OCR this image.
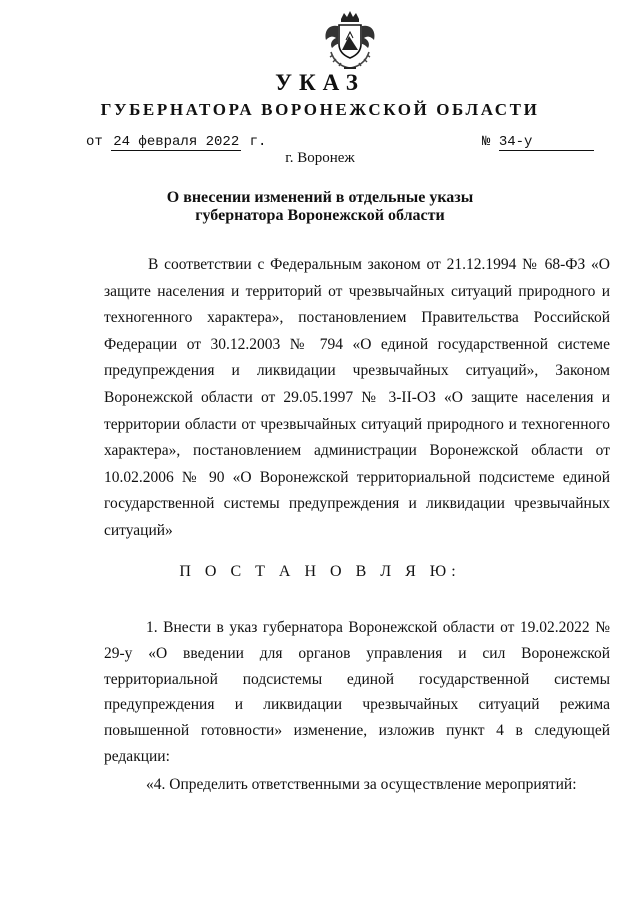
УКАЗ
ГУБЕРНАТОРА ВОРОНЕЖСКОЙ ОБЛАСТИ
от 24 февраля 2022 г.	№ 34-у
г. Воронеж
О внесении изменений в отдельные указы
губернатора Воронежской области

В соответствии с Федеральным законом от 21.12.1994 № 68-ФЗ «О защите населения и территорий от чрезвычайных ситуаций природного и техногенного характера», постановлением Правительства Российской Федерации от 30.12.2003 № 794 «О единой государственной системе предупреждения и ликвидации чрезвычайных ситуаций», Законом Воронежской области от 29.05.1997 № 3-II-ОЗ «О защите населения и территории области от чрезвычайных ситуаций природного и техногенного характера», постановлением администрации Воронежской области от 10.02.2006 № 90 «О Воронежской территориальной подсистеме единой государственной системы предупреждения и ликвидации чрезвычайных ситуаций»

П О С Т А Н О В Л Я Ю:

1. Внести в указ губернатора Воронежской области от 19.02.2022 № 29-у «О введении для органов управления и сил Воронежской территориальной подсистемы единой государственной системы предупреждения и ликвидации чрезвычайных ситуаций режима повышенной готовности» изменение, изложив пункт 4 в следующей редакции:

«4. Определить ответственными за осуществление мероприятий:
